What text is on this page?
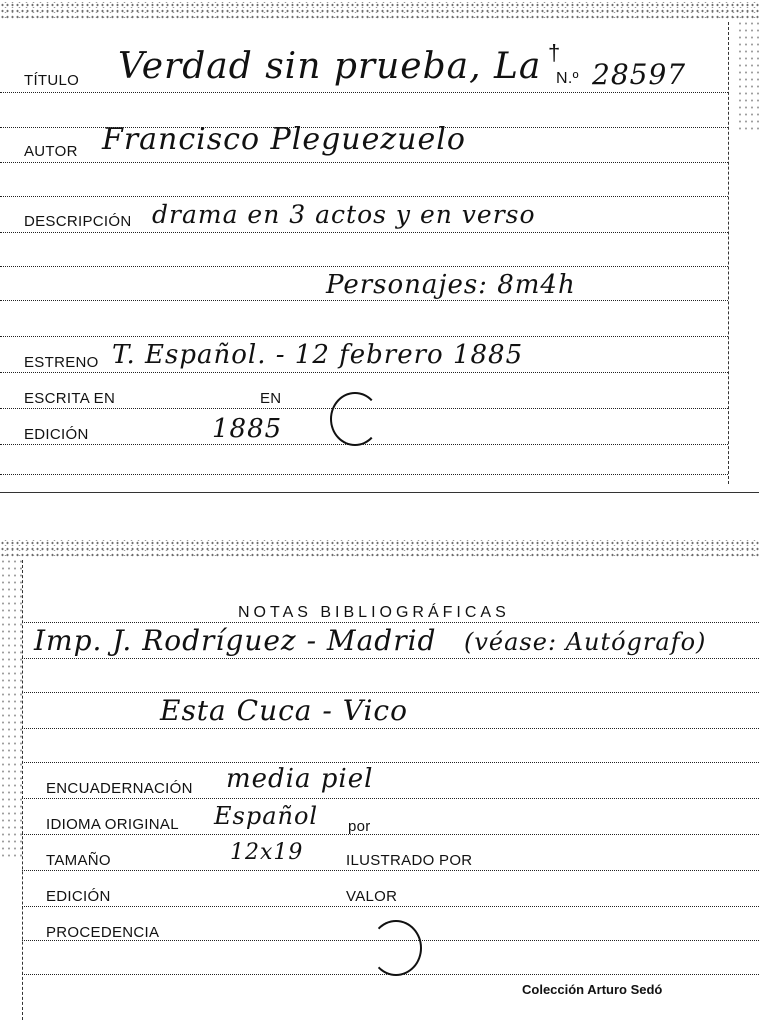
TÍTULO Verdad sin prueba, La †
N.º 28597
AUTOR Francisco Pleguezuelo
DESCRIPCIÓN drama en 3 actos y en verso
Personajes: 8m4h
ESTRENO T. Español. - 12 febrero 1885
ESCRITA EN	EN
EDICIÓN	1885
NOTAS BIBLIOGRÁFICAS
Imp. J. Rodríguez - Madrid (véase: Autógrafo)
Esta Cuca - Vico
ENCUADERNACIÓN media piel
IDIOMA ORIGINAL Español por
TAMAÑO	12x19	ILUSTRADO POR
EDICIÓN	VALOR
PROCEDENCIA
Colección Arturo Sedó
